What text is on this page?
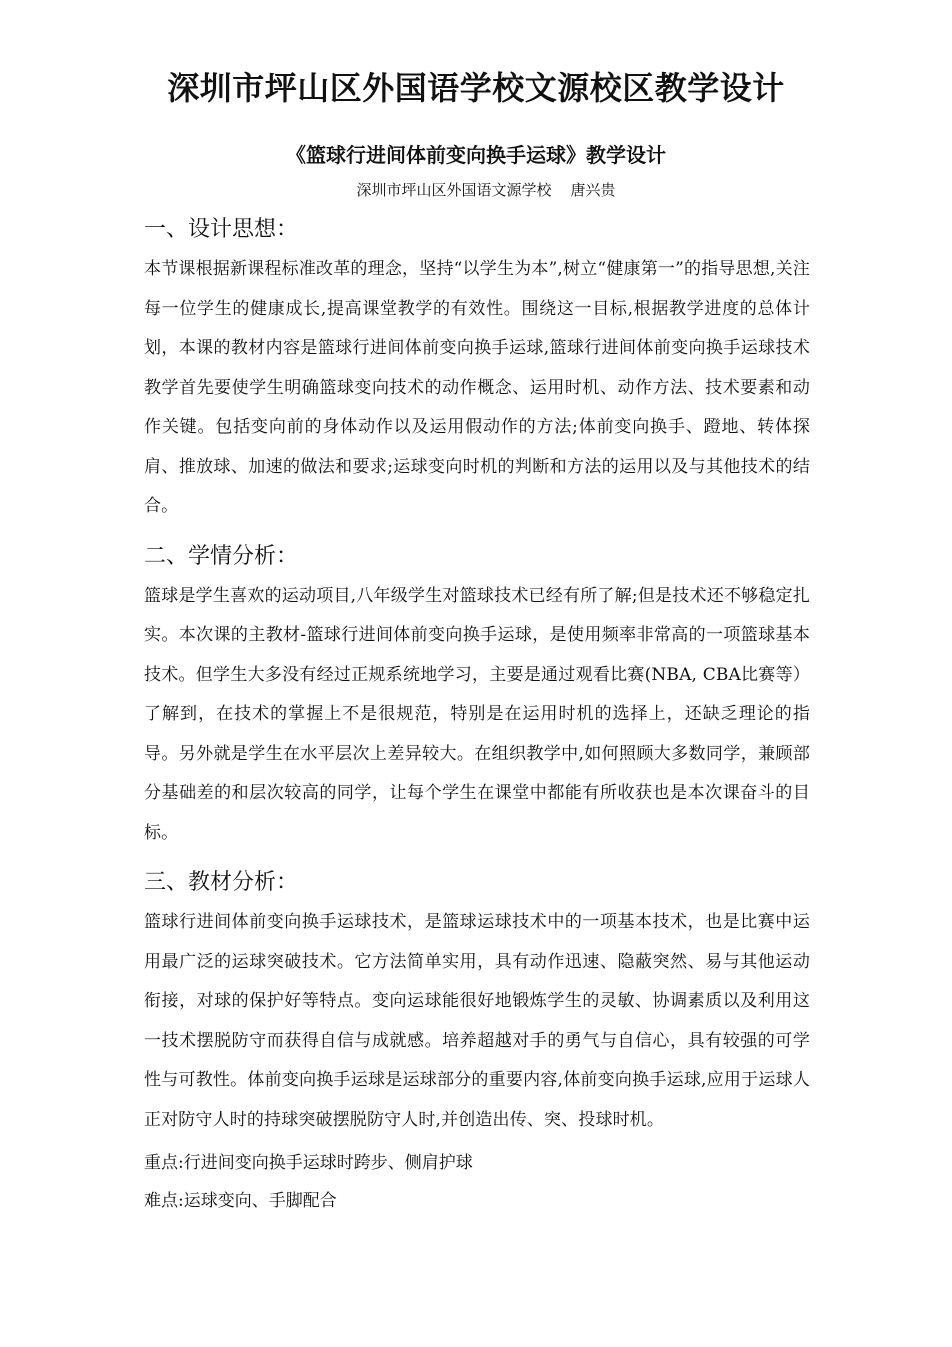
深圳市坪山区外国语学校文源校区教学设计
《篮球行进间体前变向换手运球》教学设计
深圳市坪山区外国语文源学校    唐兴贵
一、设计思想：

本节课根据新课程标准改革的理念，坚持“以学生为本”,树立“健康第一”的指导思想,关注每一位学生的健康成长,提高课堂教学的有效性。围绕这一目标,根据教学进度的总体计划，本课的教材内容是篮球行进间体前变向换手运球,篮球行进间体前变向换手运球技术教学首先要使学生明确篮球变向技术的动作概念、运用时机、动作方法、技术要素和动作关键。包括变向前的身体动作以及运用假动作的方法;体前变向换手、蹬地、转体探肩、推放球、加速的做法和要求;运球变向时机的判断和方法的运用以及与其他技术的结合。

二、学情分析：

篮球是学生喜欢的运动项目,八年级学生对篮球技术已经有所了解;但是技术还不够稳定扎实。本次课的主教材-篮球行进间体前变向换手运球，是使用频率非常高的一项篮球基本技术。但学生大多没有经过正规系统地学习，主要是通过观看比赛(NBA, CBA比赛等）了解到，在技术的掌握上不是很规范，特别是在运用时机的选择上，还缺乏理论的指导。另外就是学生在水平层次上差异较大。在组织教学中,如何照顾大多数同学，兼顾部分基础差的和层次较高的同学，让每个学生在课堂中都能有所收获也是本次课奋斗的目标。

三、教材分析：

篮球行进间体前变向换手运球技术，是篮球运球技术中的一项基本技术，也是比赛中运用最广泛的运球突破技术。它方法简单实用，具有动作迅速、隐蔽突然、易与其他运动衔接，对球的保护好等特点。变向运球能很好地锻炼学生的灵敏、协调素质以及利用这一技术摆脱防守而获得自信与成就感。培养超越对手的勇气与自信心，具有较强的可学性与可教性。体前变向换手运球是运球部分的重要内容,体前变向换手运球,应用于运球人正对防守人时的持球突破摆脱防守人时,并创造出传、突、投球时机。

重点:行进间变向换手运球时跨步、侧肩护球

难点:运球变向、手脚配合
